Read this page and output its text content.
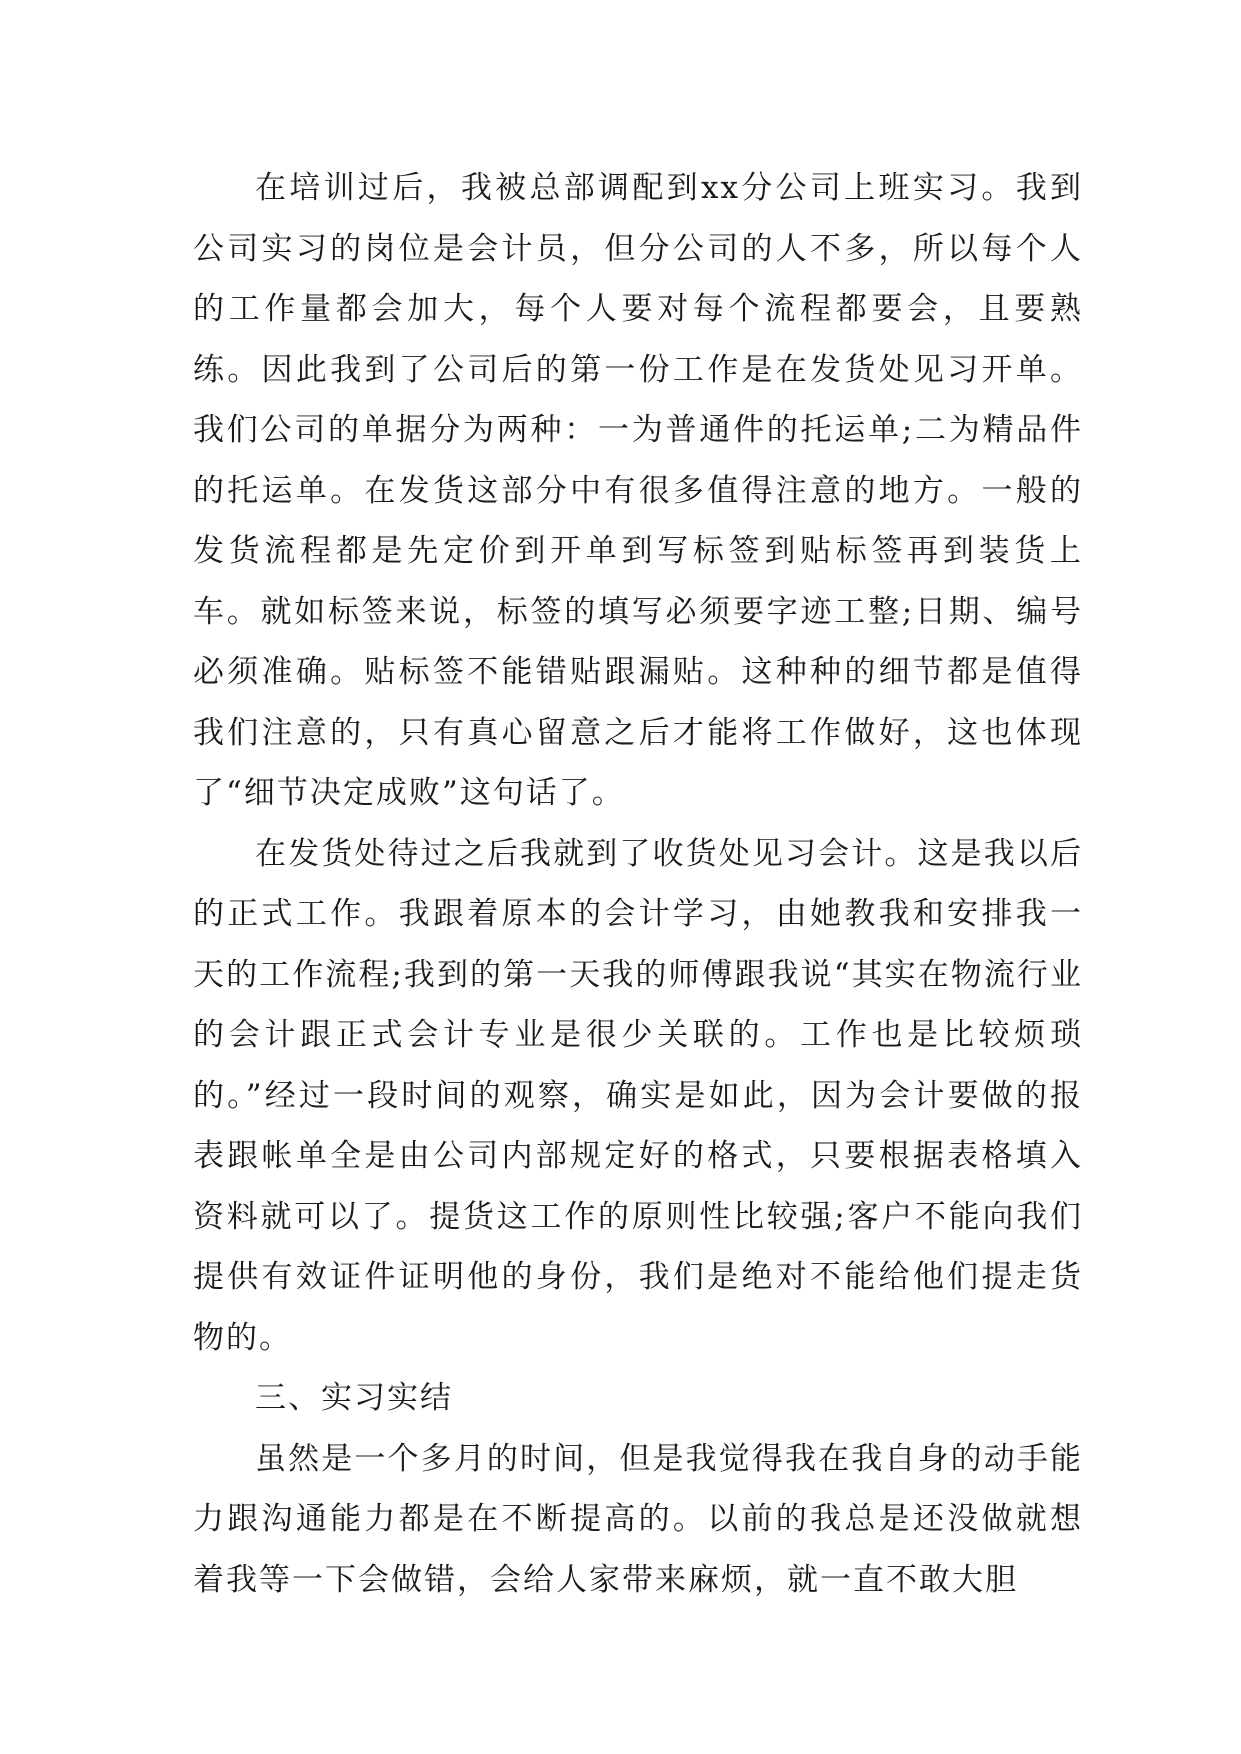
在培训过后，我被总部调配到xx分公司上班实习。我到公司实习的岗位是会计员，但分公司的人不多，所以每个人的工作量都会加大，每个人要对每个流程都要会，且要熟练。因此我到了公司后的第一份工作是在发货处见习开单。我们公司的单据分为两种：一为普通件的托运单;二为精品件的托运单。在发货这部分中有很多值得注意的地方。一般的发货流程都是先定价到开单到写标签到贴标签再到装货上车。就如标签来说，标签的填写必须要字迹工整;日期、编号必须准确。贴标签不能错贴跟漏贴。这种种的细节都是值得我们注意的，只有真心留意之后才能将工作做好，这也体现了“细节决定成败”这句话了。

在发货处待过之后我就到了收货处见习会计。这是我以后的正式工作。我跟着原本的会计学习，由她教我和安排我一天的工作流程;我到的第一天我的师傅跟我说“其实在物流行业的会计跟正式会计专业是很少关联的。工作也是比较烦琐的。”经过一段时间的观察，确实是如此，因为会计要做的报表跟帐单全是由公司内部规定好的格式，只要根据表格填入资料就可以了。提货这工作的原则性比较强;客户不能向我们提供有效证件证明他的身份，我们是绝对不能给他们提走货物的。

三、实习实结

虽然是一个多月的时间，但是我觉得我在我自身的动手能力跟沟通能力都是在不断提高的。以前的我总是还没做就想着我等一下会做错，会给人家带来麻烦，就一直不敢大胆
